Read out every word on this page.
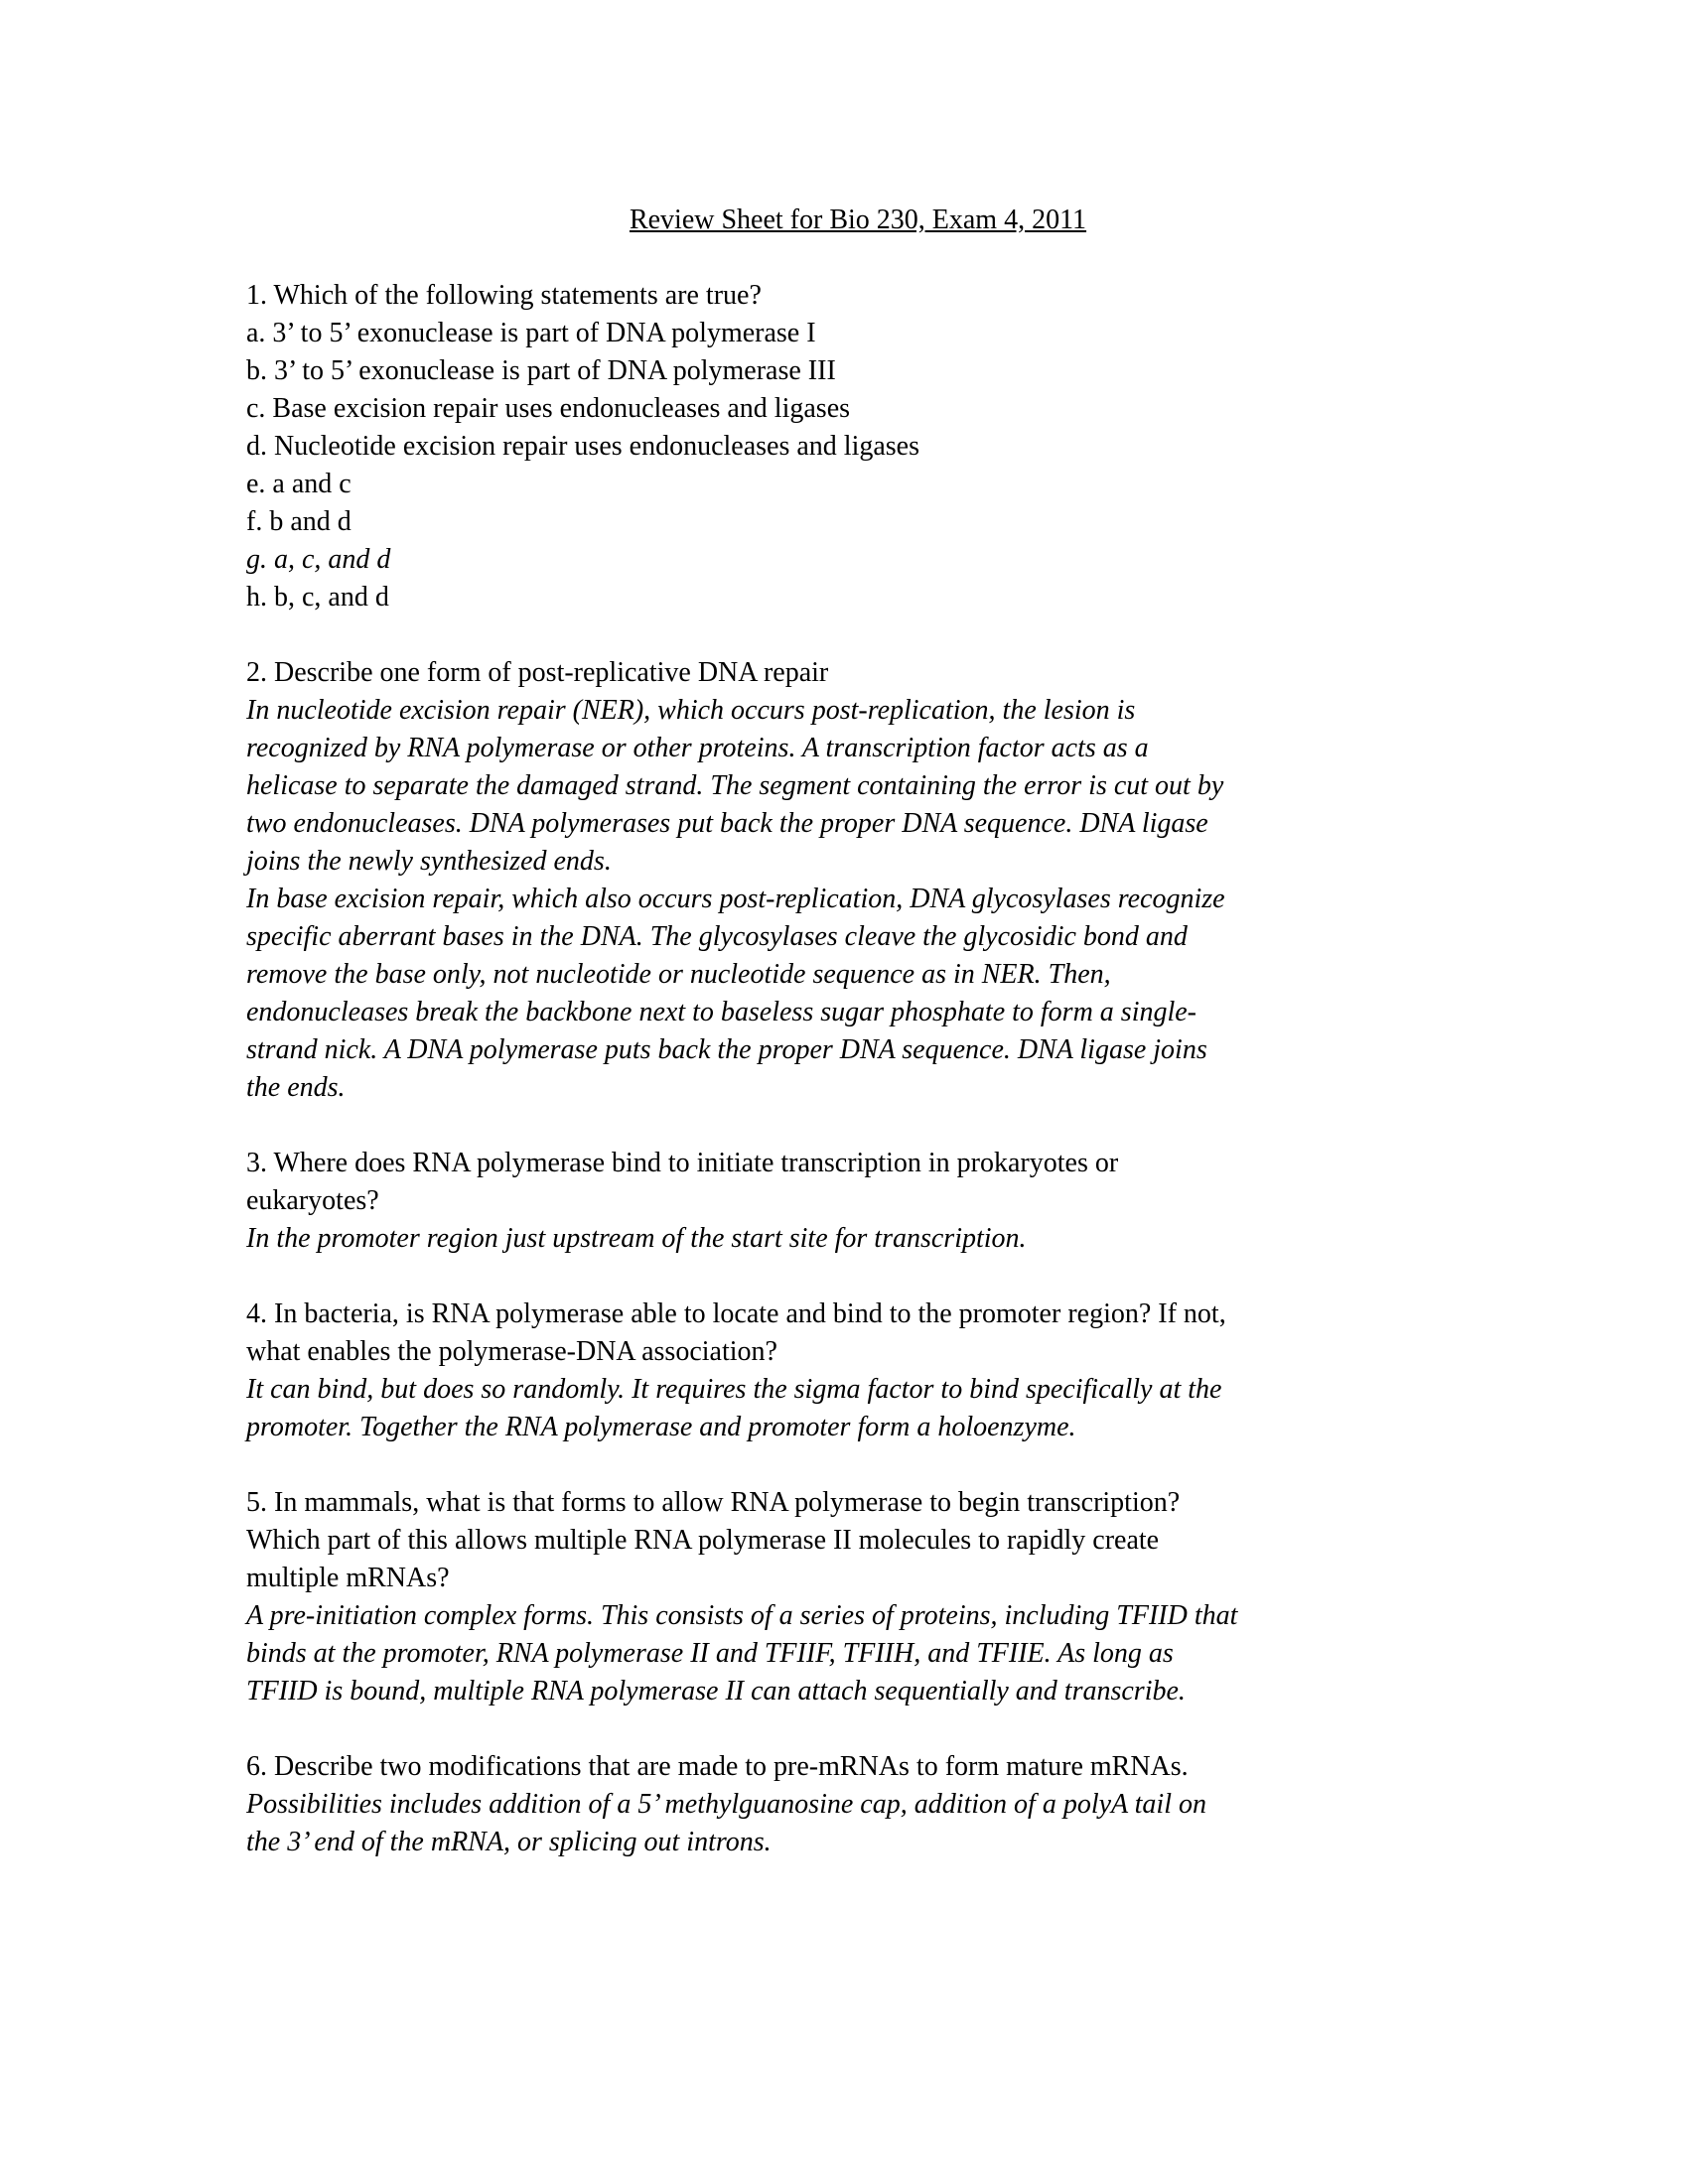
Review Sheet for Bio 230, Exam 4, 2011
1. Which of the following statements are true?
a. 3’ to 5’ exonuclease is part of DNA polymerase I
b. 3’ to 5’ exonuclease is part of DNA polymerase III
c. Base excision repair uses endonucleases and ligases
d. Nucleotide excision repair uses endonucleases and ligases
e. a and c
f. b and d
g. a, c, and d
h. b, c, and d
2. Describe one form of post-replicative DNA repair
In nucleotide excision repair (NER), which occurs post-replication, the lesion is
recognized by RNA polymerase or other proteins. A transcription factor acts as a
helicase to separate the damaged strand. The segment containing the error is cut out by
two endonucleases. DNA polymerases put back the proper DNA sequence. DNA ligase
joins the newly synthesized ends.
In base excision repair, which also occurs post-replication, DNA glycosylases recognize
specific aberrant bases in the DNA. The glycosylases cleave the glycosidic bond and
remove the base only, not nucleotide or nucleotide sequence as in NER. Then,
endonucleases break the backbone next to baseless sugar phosphate to form a single-
strand nick. A DNA polymerase puts back the proper DNA sequence. DNA ligase joins
the ends.
3. Where does RNA polymerase bind to initiate transcription in prokaryotes or
eukaryotes?
In the promoter region just upstream of the start site for transcription.
4. In bacteria, is RNA polymerase able to locate and bind to the promoter region? If not,
what enables the polymerase-DNA association?
It can bind, but does so randomly. It requires the sigma factor to bind specifically at the
promoter. Together the RNA polymerase and promoter form a holoenzyme.
5. In mammals, what is that forms to allow RNA polymerase to begin transcription?
Which part of this allows multiple RNA polymerase II molecules to rapidly create
multiple mRNAs?
A pre-initiation complex forms. This consists of a series of proteins, including TFIID that
binds at the promoter, RNA polymerase II and TFIIF, TFIIH, and TFIIE. As long as
TFIID is bound, multiple RNA polymerase II can attach sequentially and transcribe.
6. Describe two modifications that are made to pre-mRNAs to form mature mRNAs.
Possibilities includes addition of a 5’ methylguanosine cap, addition of a polyA tail on
the 3’ end of the mRNA, or splicing out introns.
